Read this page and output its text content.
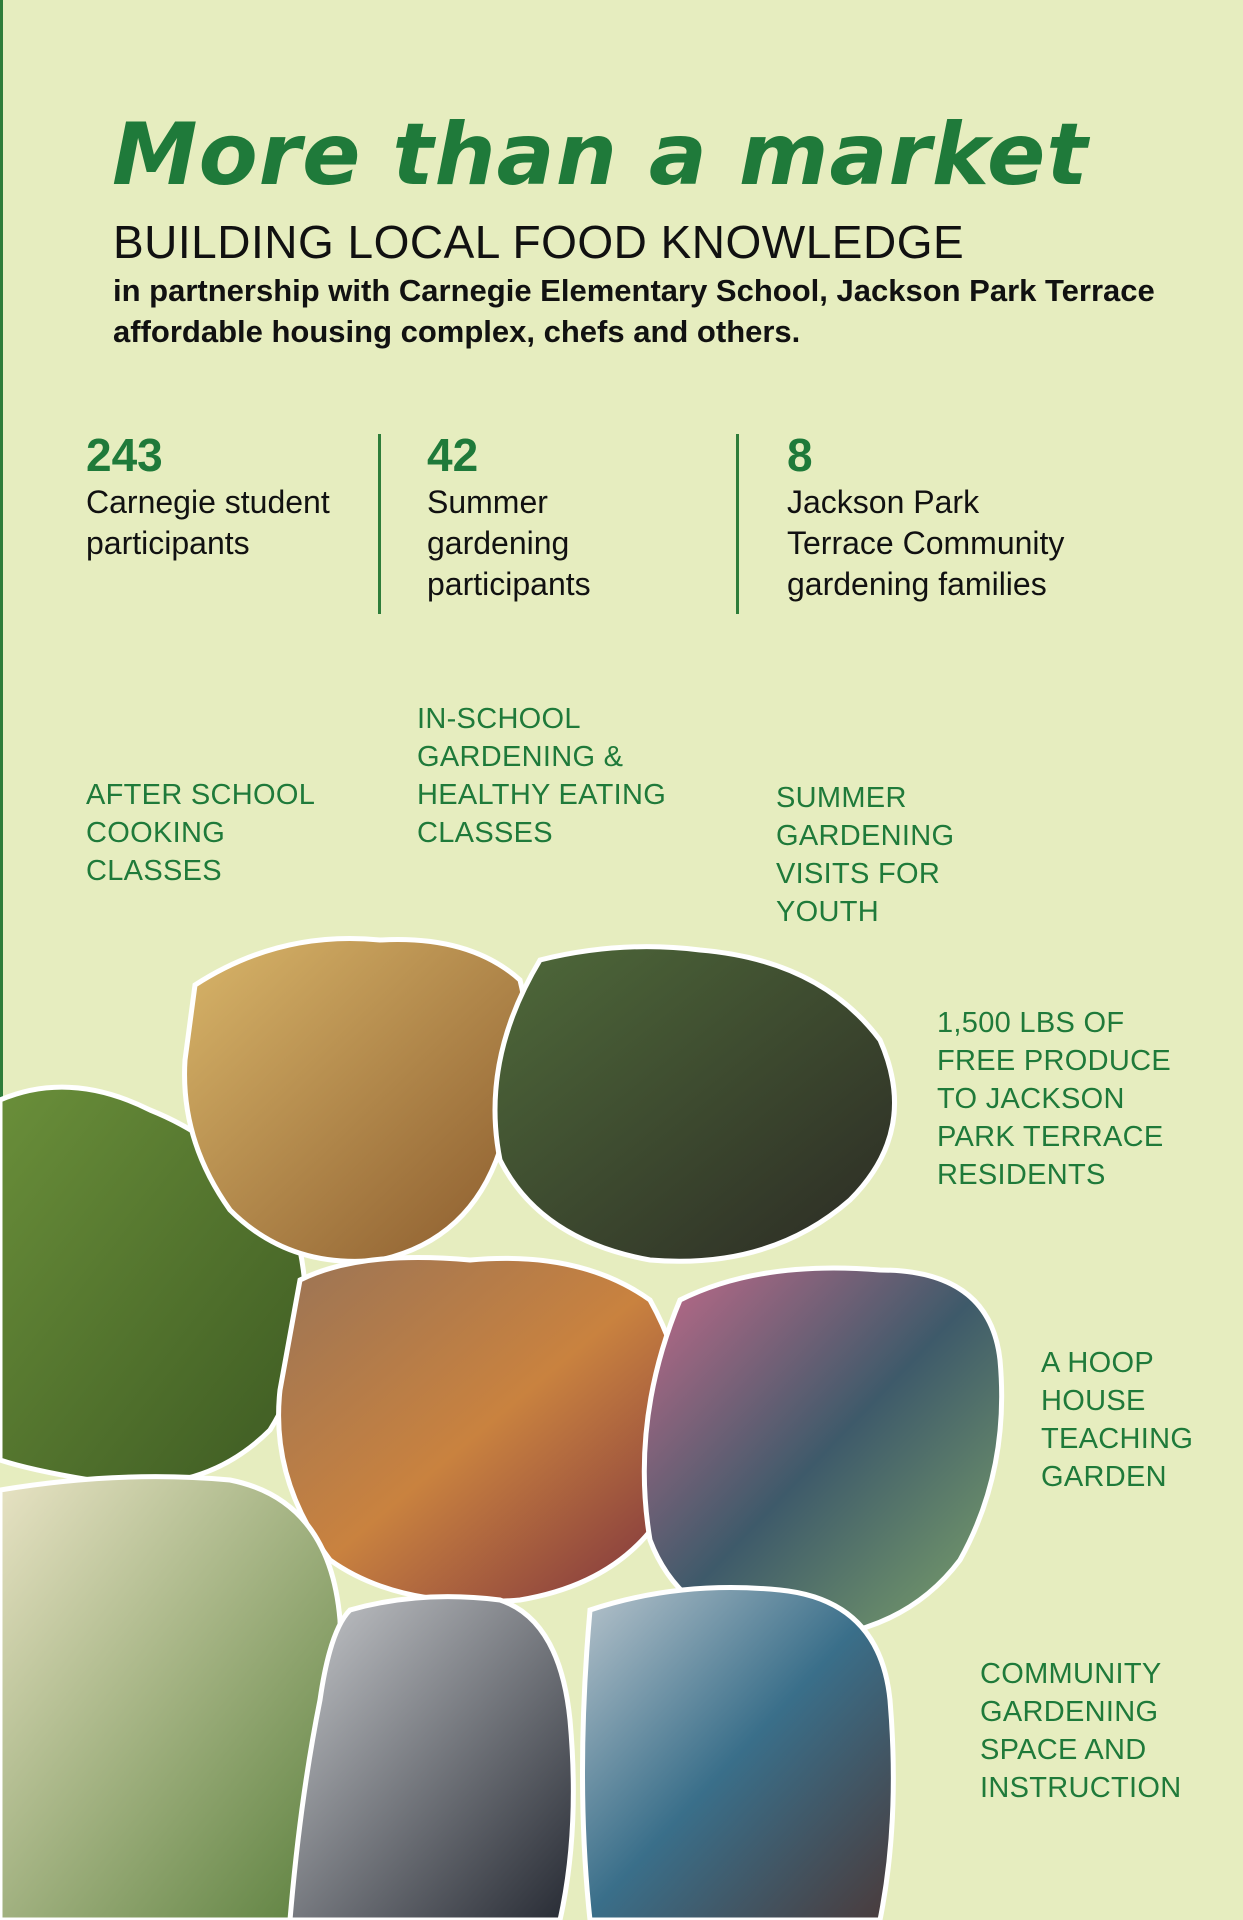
More than a market
BUILDING LOCAL FOOD KNOWLEDGE

in partnership with Carnegie Elementary School, Jackson Park Terrace affordable housing complex, chefs and others.

243
Carnegie student
participants
42
Summer
gardening
participants
8
Jackson Park
Terrace Community
gardening families
AFTER SCHOOL
COOKING
CLASSES
IN-SCHOOL
GARDENING &
HEALTHY EATING
CLASSES
SUMMER
GARDENING
VISITS FOR
YOUTH
1,500 LBS OF
FREE PRODUCE
TO JACKSON
PARK TERRACE
RESIDENTS
A HOOP
HOUSE
TEACHING
GARDEN
COMMUNITY
GARDENING
SPACE AND
INSTRUCTION
